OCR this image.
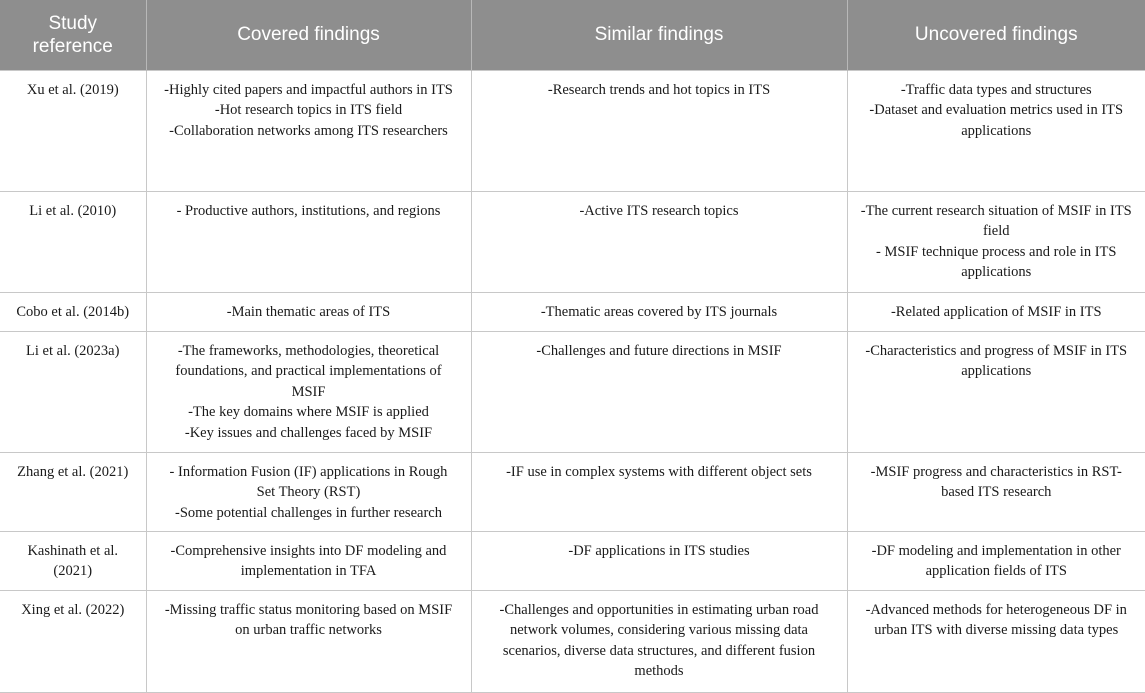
Study reference	Covered findings	Similar findings	Uncovered findings
Xu et al. (2019)	-Highly cited papers and impactful authors in ITS
-Hot research topics in ITS field
-Collaboration networks among ITS researchers	-Research trends and hot topics in ITS	-Traffic data types and structures
-Dataset and evaluation metrics used in ITS applications

Li et al. (2010)	- Productive authors, institutions, and regions	-Active ITS research topics	-The current research situation of MSIF in ITS field
- MSIF technique process and role in ITS applications

Cobo et al. (2014b)	-Main thematic areas of ITS	-Thematic areas covered by ITS journals	-Related application of MSIF in ITS

Li et al. (2023a)	-The frameworks, methodologies, theoretical foundations, and practical implementations of MSIF
-The key domains where MSIF is applied
-Key issues and challenges faced by MSIF	-Challenges and future directions in MSIF	-Characteristics and progress of MSIF in ITS applications

Zhang et al. (2021)	- Information Fusion (IF) applications in Rough Set Theory (RST)
-Some potential challenges in further research	-IF use in complex systems with different object sets	-MSIF progress and characteristics in RST-based ITS research

Kashinath et al. (2021)	-Comprehensive insights into DF modeling and implementation in TFA	-DF applications in ITS studies	-DF modeling and implementation in other application fields of ITS

Xing et al. (2022)	-Missing traffic status monitoring based on MSIF on urban traffic networks	-Challenges and opportunities in estimating urban road network volumes, considering various missing data scenarios, diverse data structures, and different fusion methods	-Advanced methods for heterogeneous DF in urban ITS with diverse missing data types
